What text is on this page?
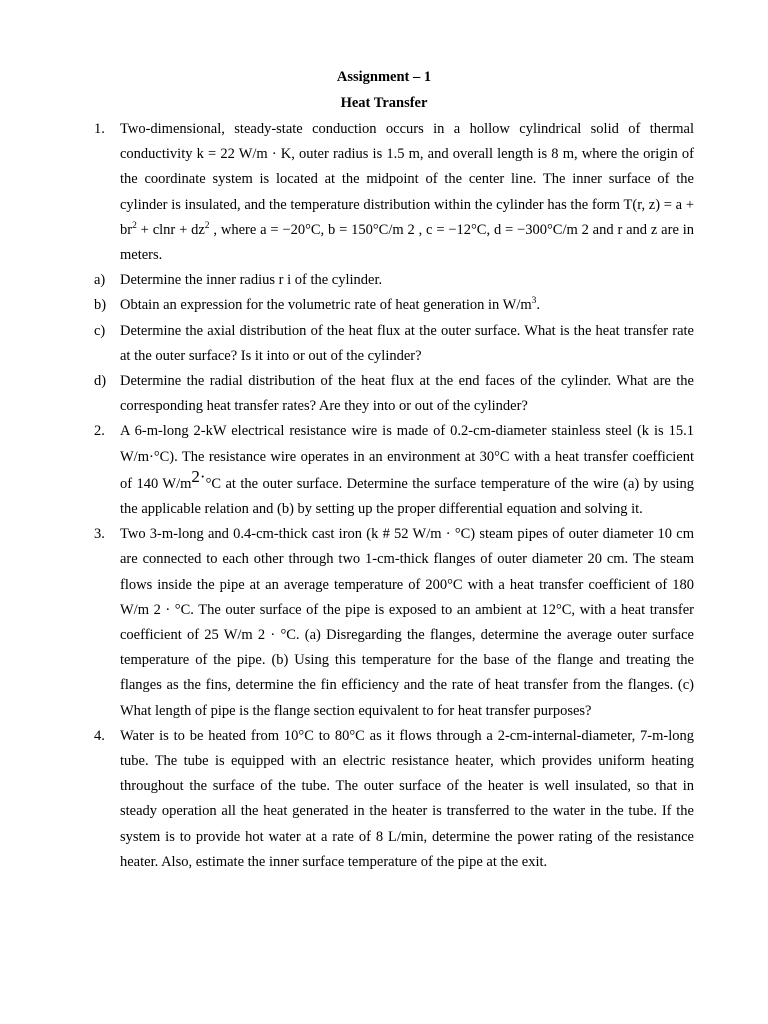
Assignment – 1
Heat Transfer
1. Two-dimensional, steady-state conduction occurs in a hollow cylindrical solid of thermal conductivity k = 22 W/m · K, outer radius is 1.5 m, and overall length is 8 m, where the origin of the coordinate system is located at the midpoint of the center line. The inner surface of the cylinder is insulated, and the temperature distribution within the cylinder has the form T(r, $z) = a + br^2 + clnr + dz^2$ , where a = −20°C, b = 150°C/m 2 , c = −12°C, d = −300°C/m 2 and r and z are in meters.
a) Determine the inner radius r i of the cylinder.
b) Obtain an expression for the volumetric rate of heat generation in $W/m^3$.
c) Determine the axial distribution of the heat flux at the outer surface. What is the heat transfer rate at the outer surface? Is it into or out of the cylinder?
d) Determine the radial distribution of the heat flux at the end faces of the cylinder. What are the corresponding heat transfer rates? Are they into or out of the cylinder?
2. A 6-m-long 2-kW electrical resistance wire is made of 0.2-cm-diameter stainless steel (k is 15.1 W/m·°C). The resistance wire operates in an environment at 30°C with a heat transfer coefficient of 140 W/m2·°C at the outer surface. Determine the surface temperature of the wire (a) by using the applicable relation and (b) by setting up the proper differential equation and solving it.
3. Two 3-m-long and 0.4-cm-thick cast iron (k # 52 W/m · °C) steam pipes of outer diameter 10 cm are connected to each other through two 1-cm-thick flanges of outer diameter 20 cm. The steam flows inside the pipe at an average temperature of 200°C with a heat transfer coefficient of 180 W/m 2 · °C. The outer surface of the pipe is exposed to an ambient at 12°C, with a heat transfer coefficient of 25 W/m 2 · °C. (a) Disregarding the flanges, determine the average outer surface temperature of the pipe. (b) Using this temperature for the base of the flange and treating the flanges as the fins, determine the fin efficiency and the rate of heat transfer from the flanges. (c) What length of pipe is the flange section equivalent to for heat transfer purposes?
4. Water is to be heated from 10°C to 80°C as it flows through a 2-cm-internal-diameter, 7-m-long tube. The tube is equipped with an electric resistance heater, which provides uniform heating throughout the surface of the tube. The outer surface of the heater is well insulated, so that in steady operation all the heat generated in the heater is transferred to the water in the tube. If the system is to provide hot water at a rate of 8 L/min, determine the power rating of the resistance heater. Also, estimate the inner surface temperature of the pipe at the exit.
